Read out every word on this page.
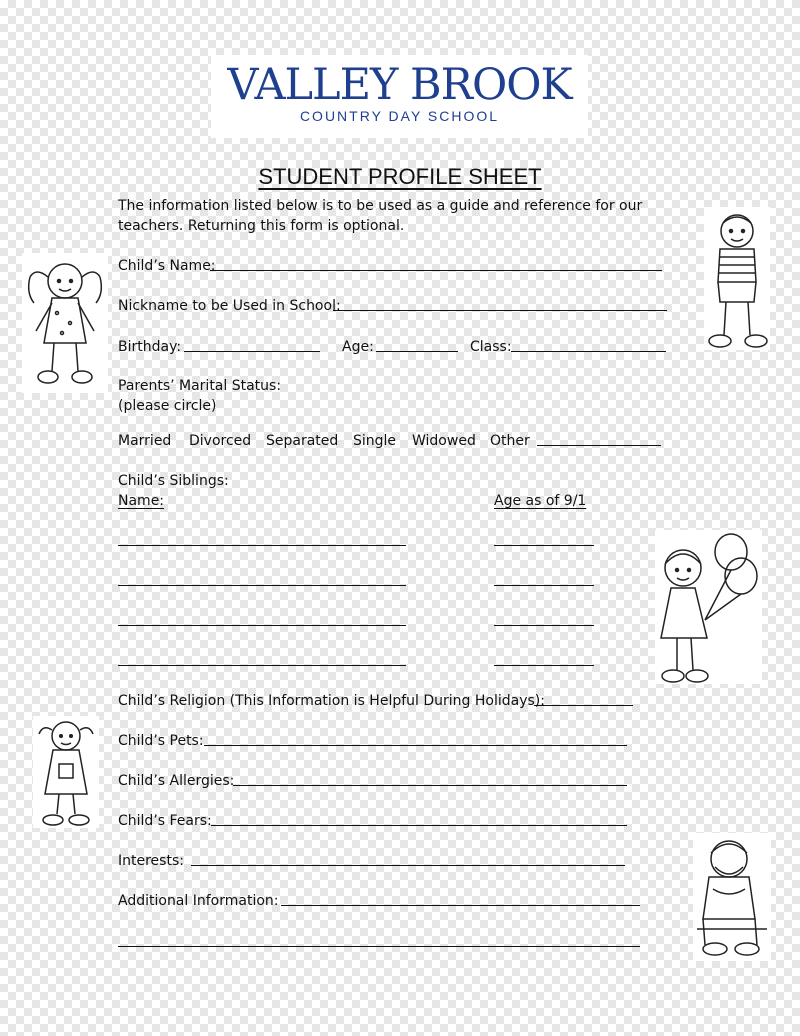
VALLEY BROOK
COUNTRY DAY SCHOOL
STUDENT PROFILE SHEET
The information listed below is to be used as a guide and reference for our
teachers. Returning this form is optional.
Child’s Name:
Nickname to be Used in School:
Birthday:	Age:	Class:
Parents’ Marital Status:
(please circle)
Married Divorced Separated Single Widowed Other
Child’s Siblings:
Name:	Age as of 9/1
Child’s Religion (This Information is Helpful During Holidays):
Child’s Pets:
Child’s Allergies:
Child’s Fears:
Interests:
Additional Information:
